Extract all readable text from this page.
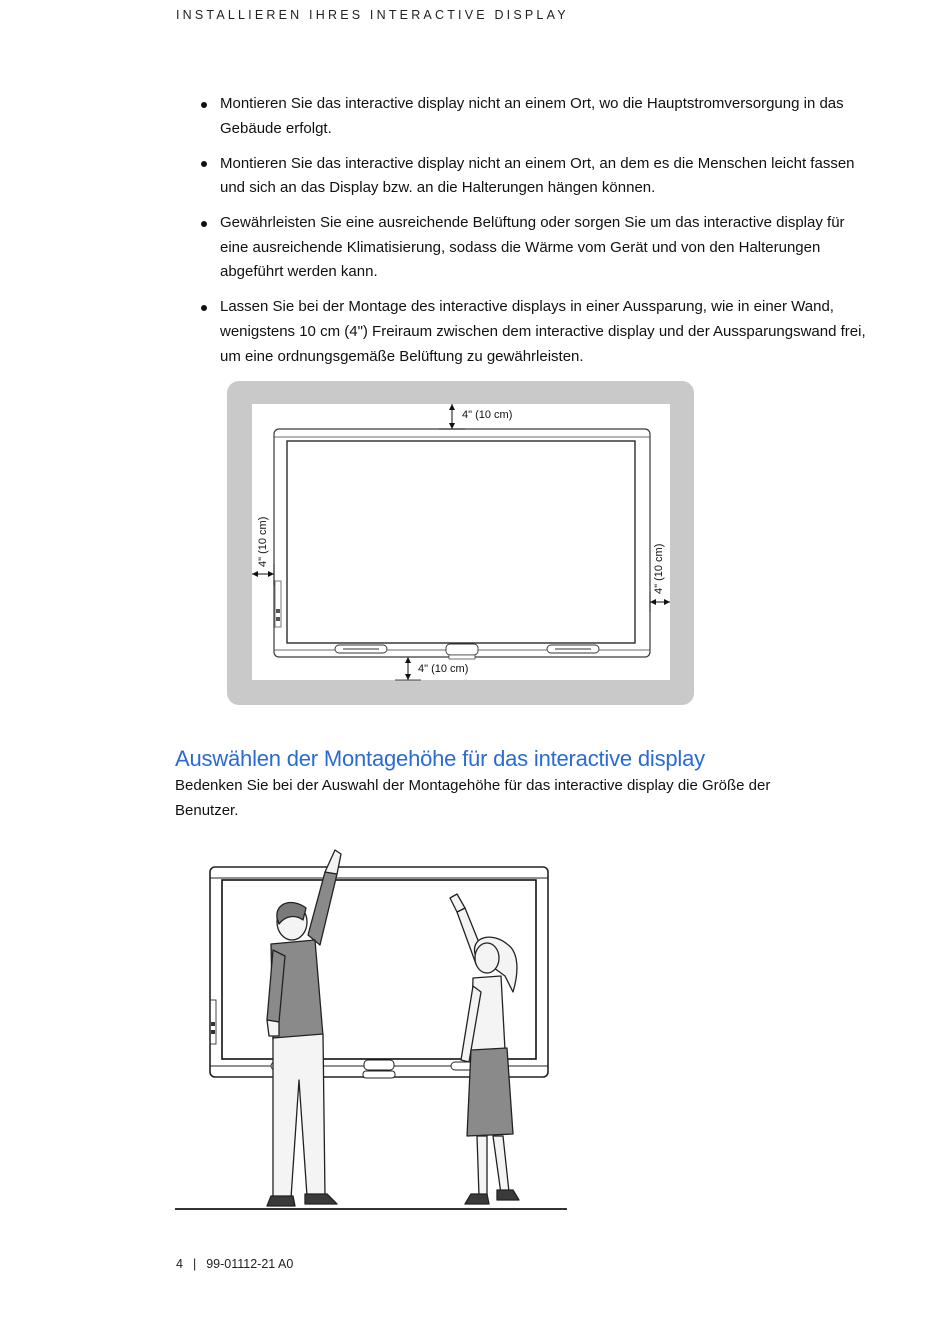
INSTALLIEREN IHRES INTERACTIVE DISPLAY
Montieren Sie das interactive display nicht an einem Ort, wo die Hauptstromversorgung in das Gebäude erfolgt.
Montieren Sie das interactive display nicht an einem Ort, an dem es die Menschen leicht fassen und sich an das Display bzw. an die Halterungen hängen können.
Gewährleisten Sie eine ausreichende Belüftung oder sorgen Sie um das interactive display für eine ausreichende Klimatisierung, sodass die Wärme vom Gerät und von den Halterungen abgeführt werden kann.
Lassen Sie bei der Montage des interactive displays in einer Aussparung, wie in einer Wand, wenigstens 10 cm (4") Freiraum zwischen dem interactive display und der Aussparungswand frei, um eine ordnungsgemäße Belüftung zu gewährleisten.
4" (10 cm)
4" (10 cm)
4" (10 cm)
4" (10 cm)
Auswählen der Montagehöhe für das interactive display

Bedenken Sie bei der Auswahl der Montagehöhe für das interactive display die Größe der Benutzer.

4 | 99-01112-21 A0
